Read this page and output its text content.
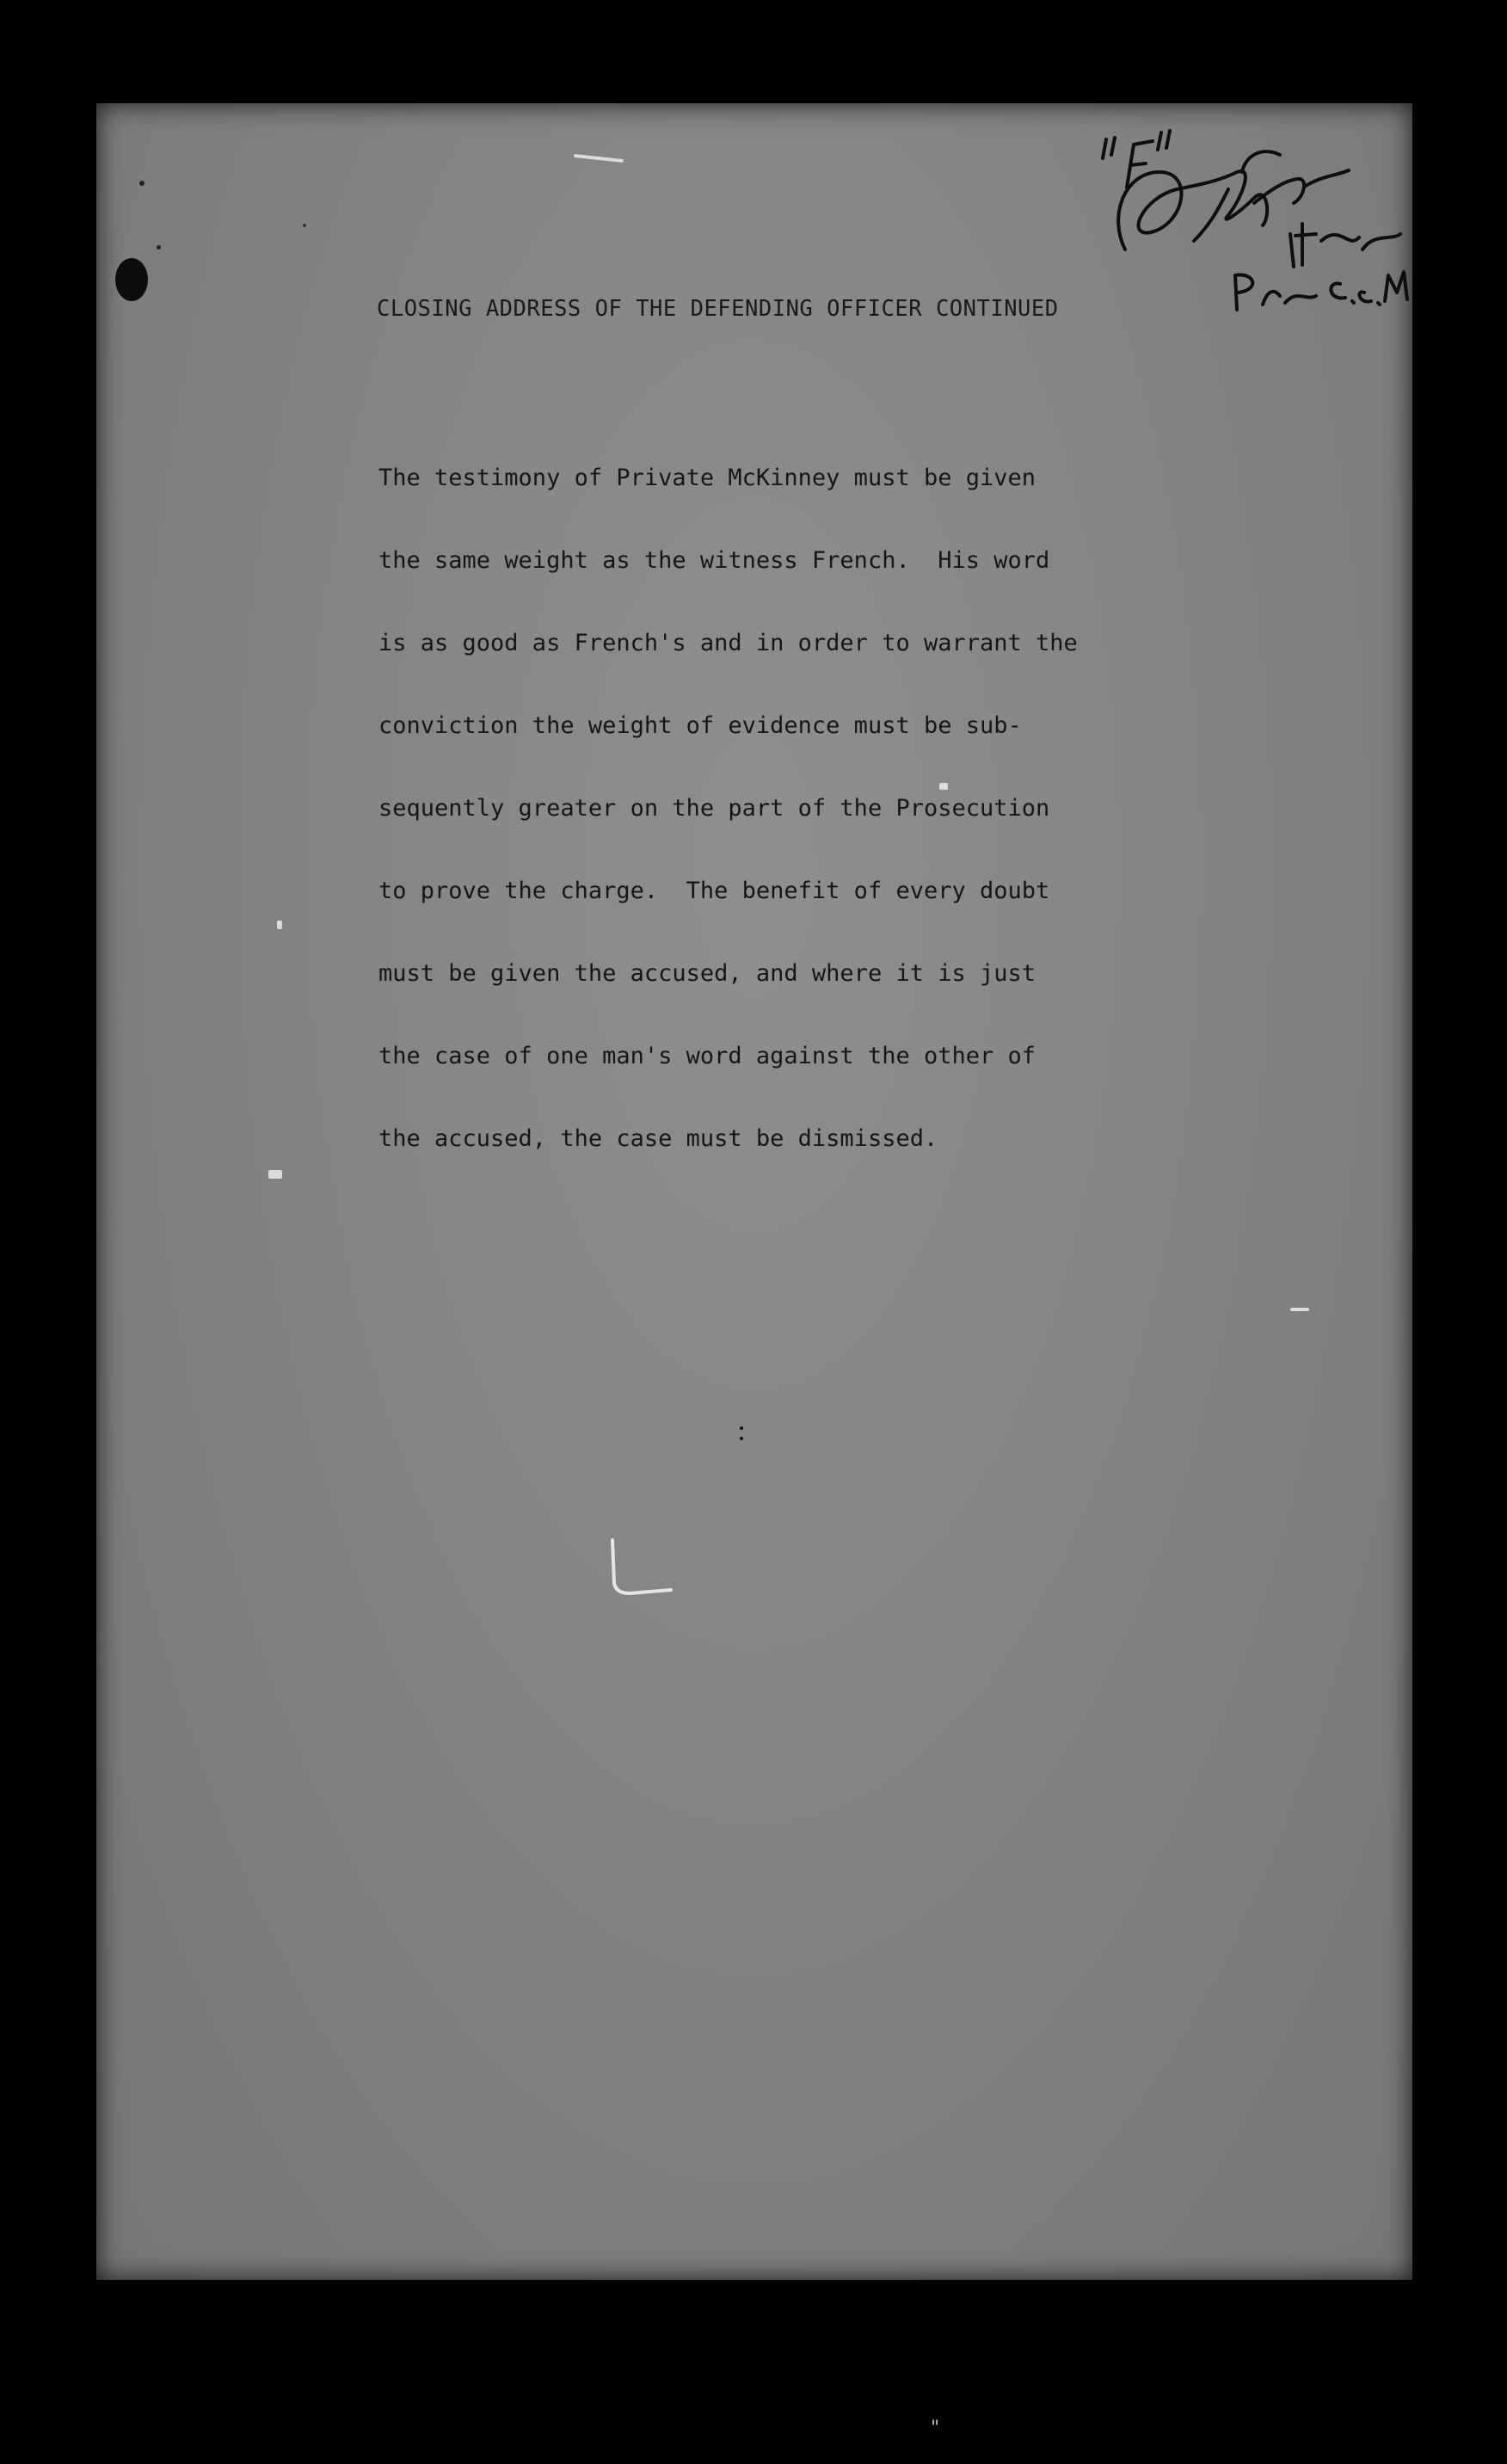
CLOSING ADDRESS OF THE DEFENDING OFFICER CONTINUED

The testimony of Private McKinney must be given

the same weight as the witness French.  His word

is as good as French's and in order to warrant the

conviction the weight of evidence must be sub-

sequently greater on the part of the Prosecution

to prove the charge.  The benefit of every doubt

must be given the accused, and where it is just

the case of one man's word against the other of

the accused, the case must be dismissed.

"
